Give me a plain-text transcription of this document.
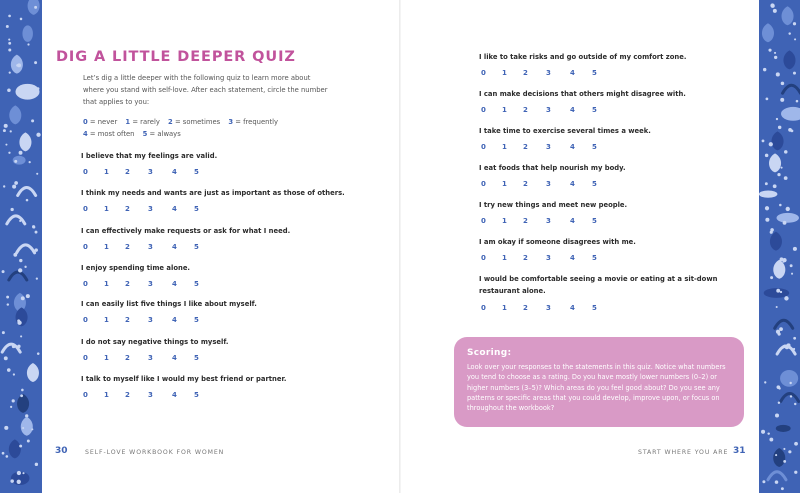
DIG A LITTLE DEEPER QUIZ

Let’s dig a little deeper with the following quiz to learn more about where you stand with self-love. After each statement, circle the number that applies to you:

0 = never 1 = rarely 2 = sometimes 3 = frequently
4 = most often 5 = always
I believe that my feelings are valid.
0 1 2	3	4 5
I think my needs and wants are just as important as those of others.
0 1 2	3	4 5
I can effectively make requests or ask for what I need.
0 1 2	3	4 5
I enjoy spending time alone.
0 1 2	3	4 5
I can easily list five things I like about myself.
0 1 2	3	4 5
I do not say negative things to myself.
0 1 2	3	4 5
I talk to myself like I would my best friend or partner.
0 1 2	3	4 5
I like to take risks and go outside of my comfort zone.
0 1 2	3	4 5
I can make decisions that others might disagree with.
0 1 2	3	4 5
I take time to exercise several times a week.
0 1 2	3	4 5
I eat foods that help nourish my body.
0 1 2	3	4 5
I try new things and meet new people.
0 1 2	3	4 5
I am okay if someone disagrees with me.
0 1 2	3	4 5
I would be comfortable seeing a movie or eating at a sit-down restaurant alone.
0 1 2	3	4 5
Scoring:

Look over your responses to the statements in this quiz. Notice what numbers you tend to choose as a rating. Do you have mostly lower numbers (0–2) or higher numbers (3–5)? Which areas do you feel good about? Do you see any patterns or specific areas that you could develop, improve upon, or focus on throughout the workbook?

30	SELF-LOVE WORKBOOK FOR WOMEN	START WHERE YOU ARE 31
